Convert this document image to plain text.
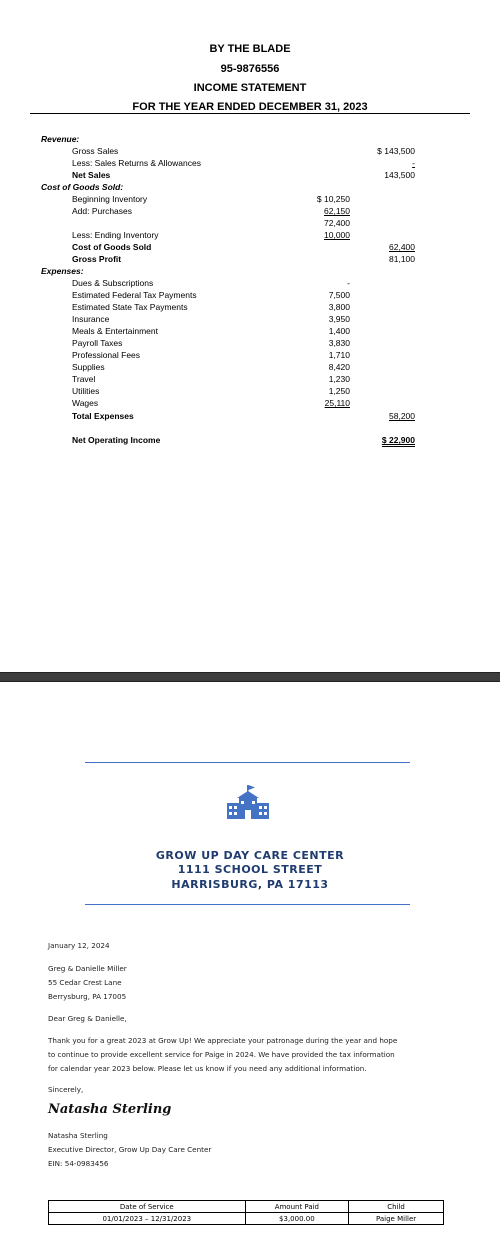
BY THE BLADE
95-9876556
INCOME STATEMENT
FOR THE YEAR ENDED DECEMBER 31, 2023
Revenue:
Gross Sales	$ 143,500
Less: Sales Returns & Allowances	-
Net Sales	143,500
Cost of Goods Sold:
Beginning Inventory	$ 10,250
Add: Purchases	62,150
72,400
Less: Ending Inventory	10,000
Cost of Goods Sold	62,400
Gross Profit	81,100
Expenses:
Dues & Subscriptions	-
Estimated Federal Tax Payments	7,500
Estimated State Tax Payments	3,800
Insurance	3,950
Meals & Entertainment	1,400
Payroll Taxes	3,830
Professional Fees	1,710
Supplies	8,420
Travel	1,230
Utilities	1,250
Wages	25,110
Total Expenses	58,200
Net Operating Income	$ 22,900
GROW UP DAY CARE CENTER
1111 SCHOOL STREET
HARRISBURG, PA 17113
January 12, 2024
Greg & Danielle Miller
55 Cedar Crest Lane
Berrysburg, PA 17005
Dear Greg & Danielle,
Thank you for a great 2023 at Grow Up! We appreciate your patronage during the year and hope
to continue to provide excellent service for Paige in 2024. We have provided the tax information
for calendar year 2023 below. Please let us know if you need any additional information.
Sincerely,
Natasha Sterling
Natasha Sterling
Executive Director, Grow Up Day Care Center
EIN: 54-0983456
Date of Service	Amount Paid	Child
01/01/2023 – 12/31/2023	$3,000.00	Paige Miller
